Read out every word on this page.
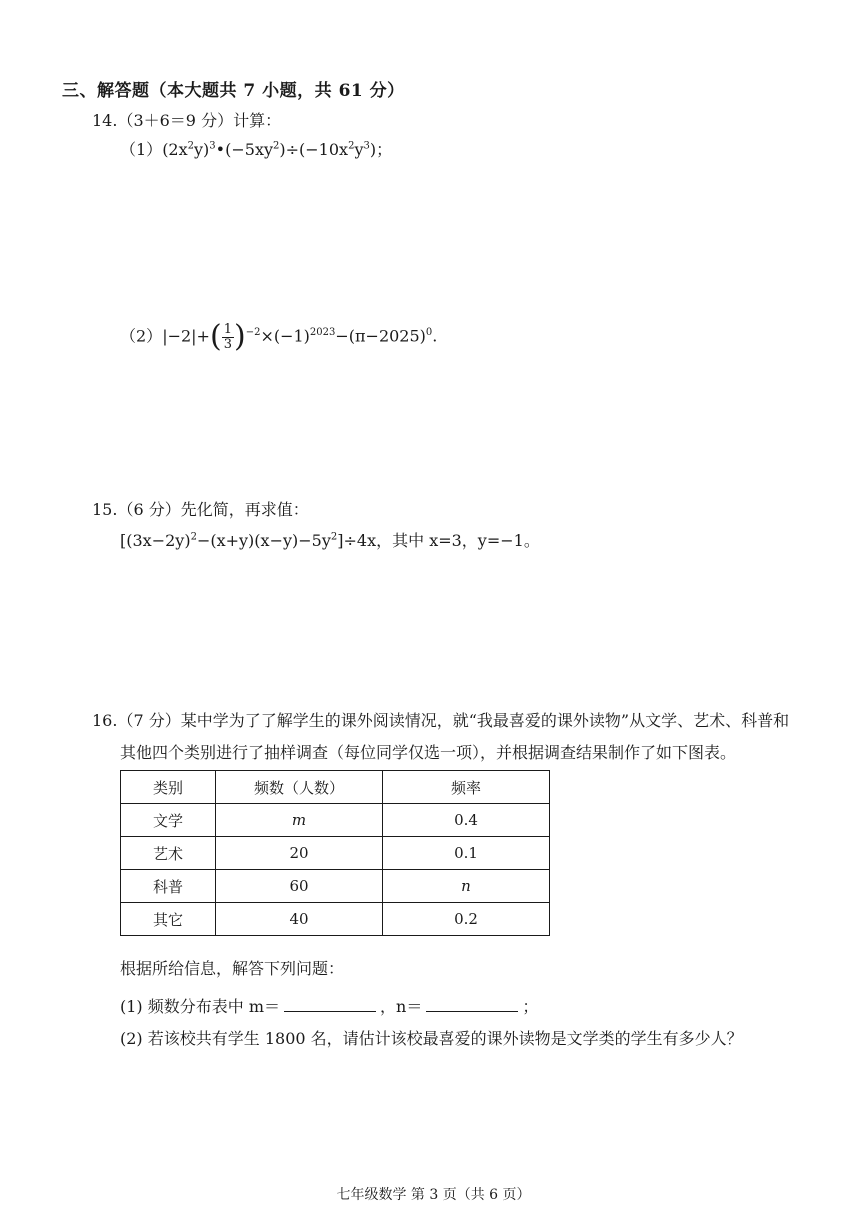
三、解答题（本大题共 7 小题，共 61 分）
14.（3＋6＝9 分）计算：
$(1)(2x^2y)^3•(-5xy^2)\div(-10x^2y^3)$；
$(2)|-2|+( \frac{1}{3} )^{-2}\times(-1)^{2023}-(\pi-2025)^0$.
15.（6 分）先化简，再求值：
$[(3x-2y)^2-(x+y)(x-y)-5y^2]\div 4x$，其中 x=3，y=−1。
16.（7 分）某中学为了了解学生的课外阅读情况，就“我最喜爱的课外读物”从文学、艺术、科普和
其他四个类别进行了抽样调查（每位同学仅选一项），并根据调查结果制作了如下图表。
类别	频数（人数）	频率
文学	m	0.4
艺术	20	0.1
科普	60	n
其它	40	0.2
根据所给信息，解答下列问题：
(1) 频数分布表中 m＝	，n＝	；
(2) 若该校共有学生 1800 名，请估计该校最喜爱的课外读物是文学类的学生有多少人？
七年级数学 第 3 页（共 6 页）
